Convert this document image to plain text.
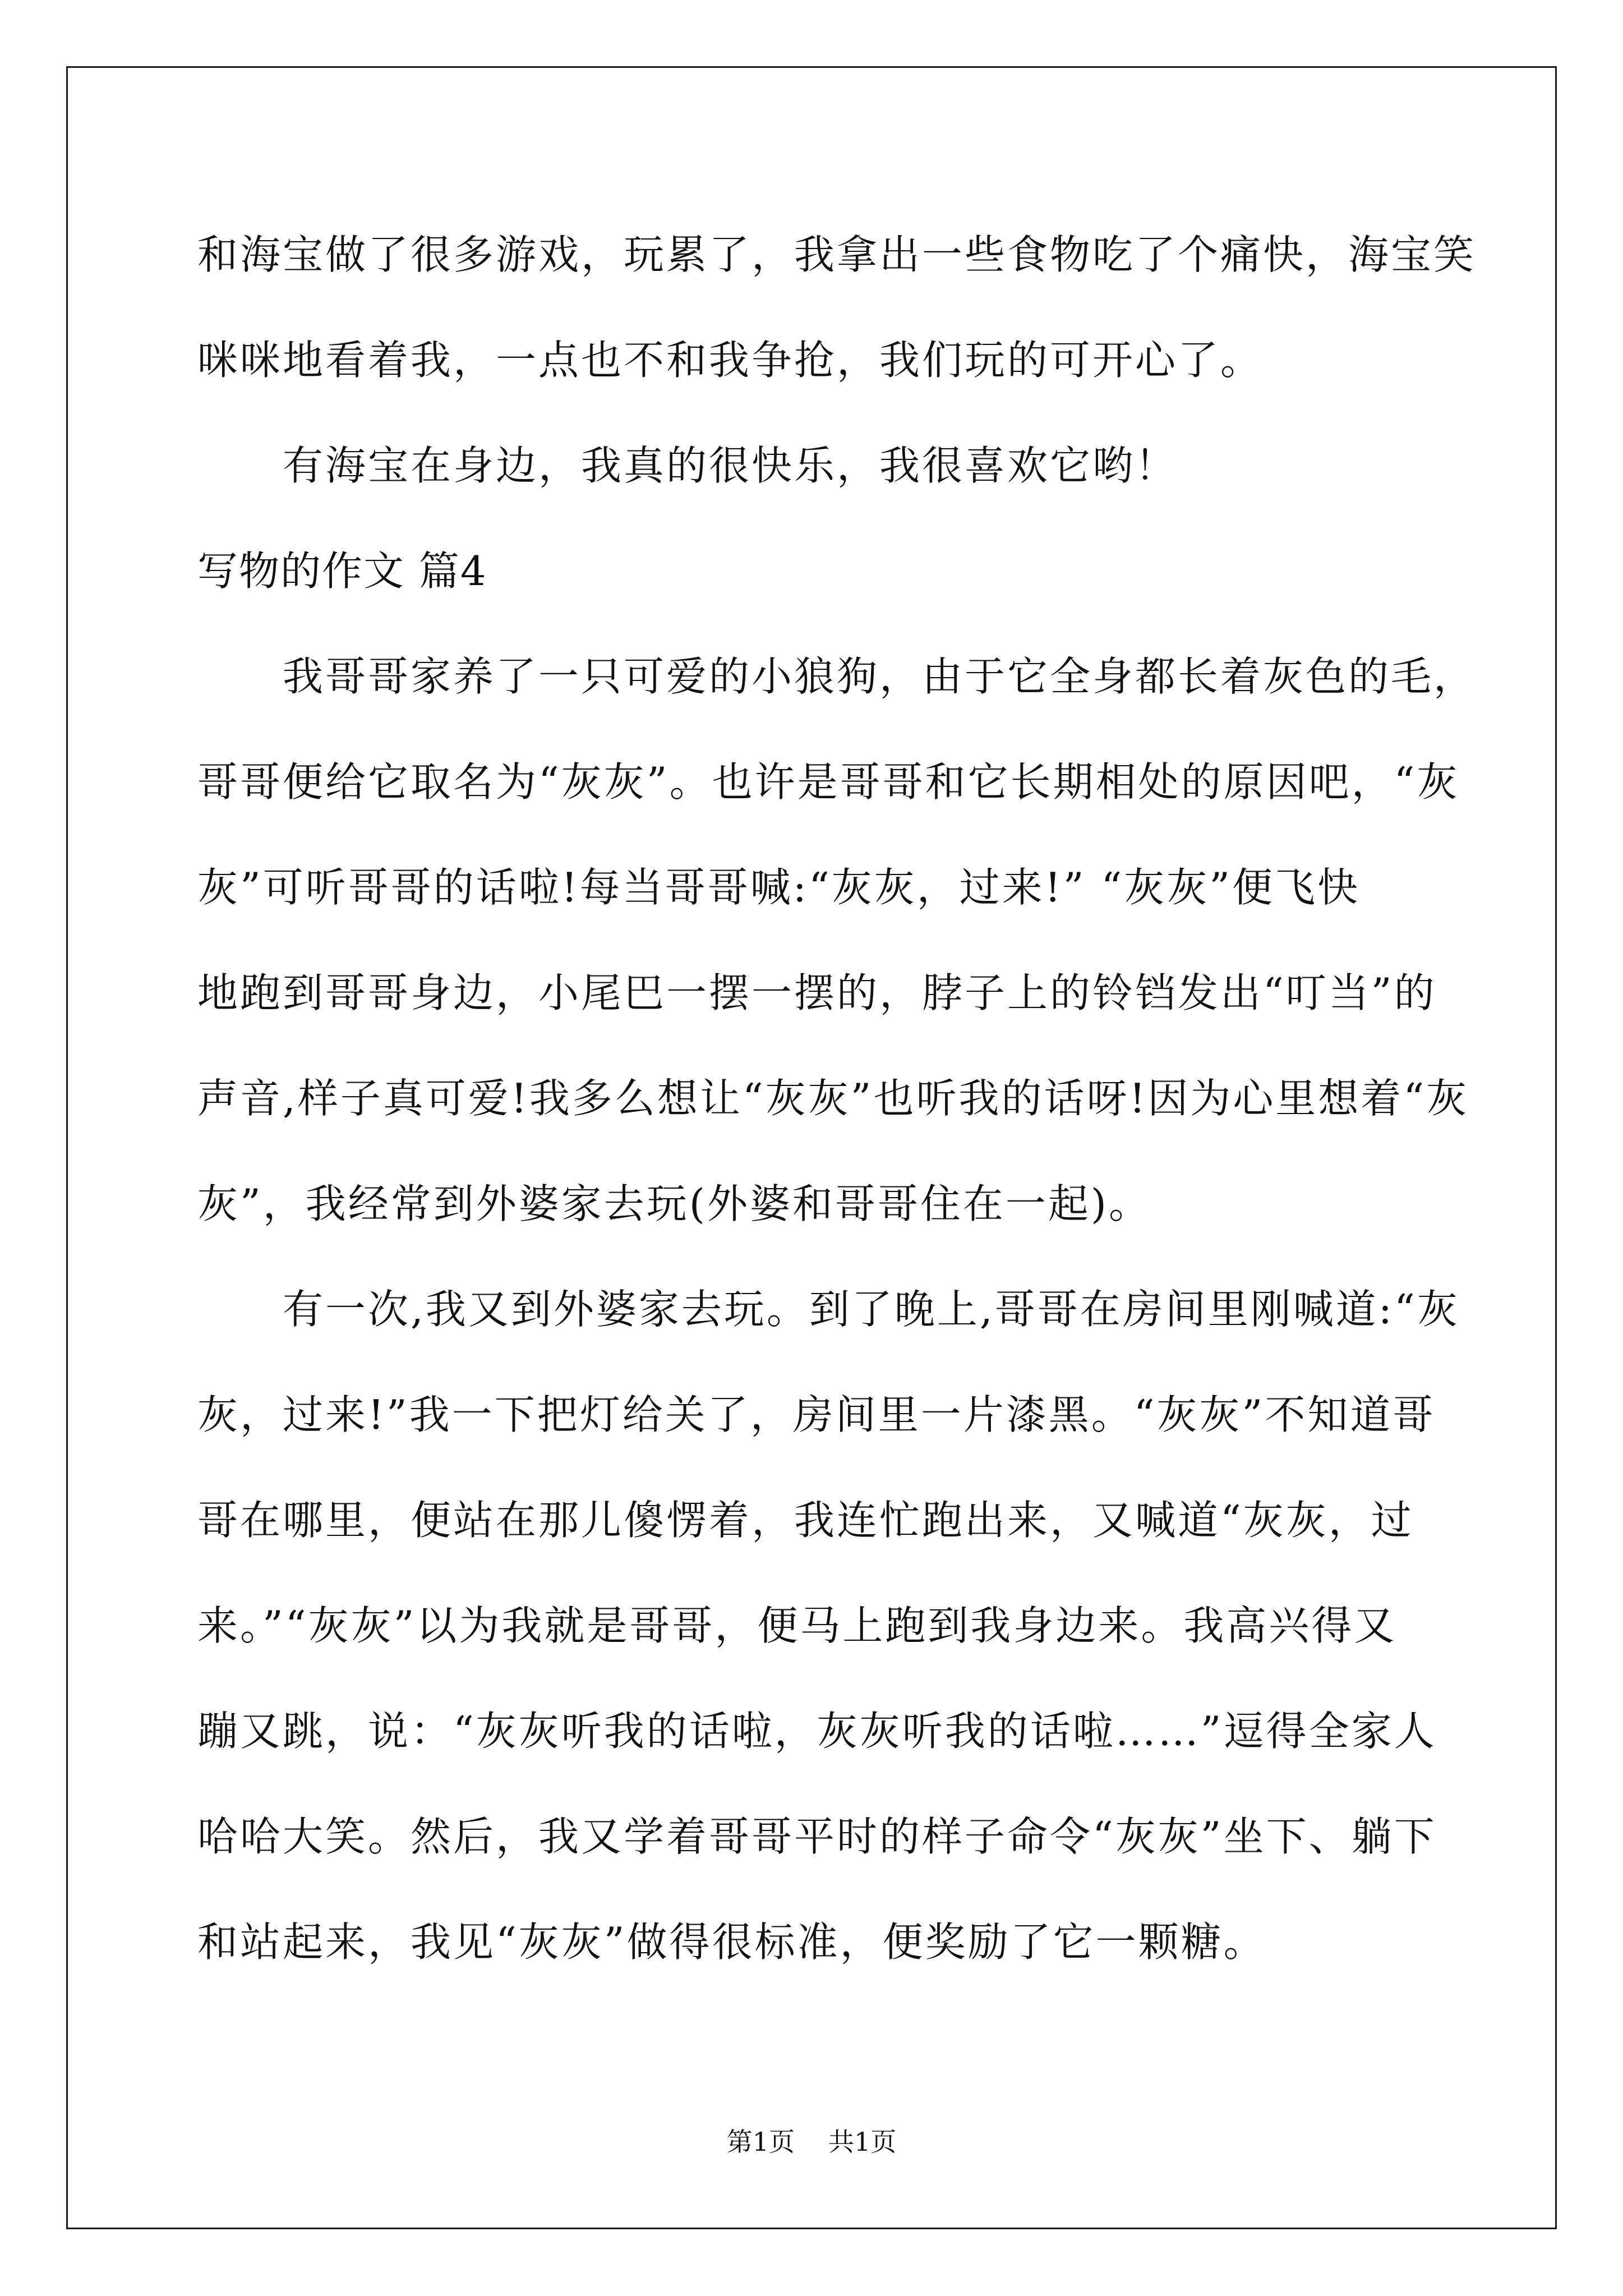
和海宝做了很多游戏，玩累了，我拿出一些食物吃了个痛快，海宝笑
咪咪地看着我，一点也不和我争抢，我们玩的可开心了。
有海宝在身边，我真的很快乐，我很喜欢它哟！
写物的作文 篇4
我哥哥家养了一只可爱的小狼狗，由于它全身都长着灰色的毛，
哥哥便给它取名为“灰灰”。也许是哥哥和它长期相处的原因吧，“灰
灰”可听哥哥的话啦!每当哥哥喊:“灰灰，过来!” “灰灰”便飞快
地跑到哥哥身边，小尾巴一摆一摆的，脖子上的铃铛发出“叮当”的
声音,样子真可爱!我多么想让“灰灰”也听我的话呀!因为心里想着“灰
灰”，我经常到外婆家去玩(外婆和哥哥住在一起)。
有一次,我又到外婆家去玩。到了晚上,哥哥在房间里刚喊道:“灰
灰，过来!”我一下把灯给关了，房间里一片漆黑。“灰灰”不知道哥
哥在哪里，便站在那儿傻愣着，我连忙跑出来，又喊道“灰灰，过
来。”“灰灰”以为我就是哥哥，便马上跑到我身边来。我高兴得又
蹦又跳，说：“灰灰听我的话啦，灰灰听我的话啦……”逗得全家人
哈哈大笑。然后，我又学着哥哥平时的样子命令“灰灰”坐下、躺下
和站起来，我见“灰灰”做得很标准，便奖励了它一颗糖。
第1页 共1页
